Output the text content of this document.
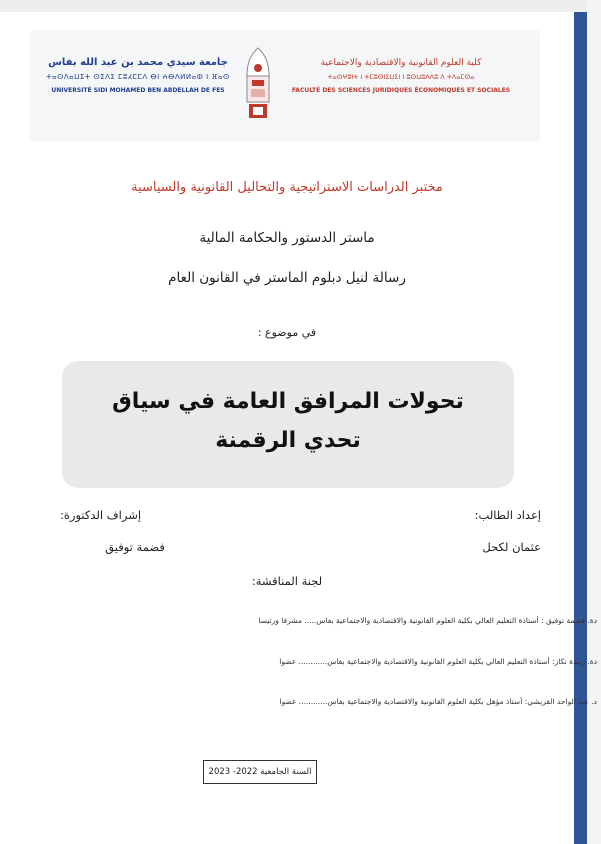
جامعة سيدي محمد بن عبد الله بفاس
ⵜⴰⵙⴷⴰⵡⵉⵜ ⵙⵉⴷⵉ ⵎⵓⵃⵎⵎⴷ ⴱⵏ ⵄⴱⴷⵍⵍⴰⵀ ⵏ ⴼⴰⵙ
UNIVERSITÉ SIDI MOHAMED BEN ABDELLAH DE FES
كلية العلوم القانونية والاقتصادية والاجتماعية
ⵜⴰⵙⵖⵓⵏⵜ ⵏ ⵜⵎⵓⵙⵏⵉⵡⵉⵏ ⵏ ⵓⵙⵡⵓⴷⴷⵓ ⴷ ⵜⴷⴰⵎⵙⴰ
FACULTÉ DES SCIENCES JURIDIQUES ÉCONOMIQUES ET SOCIALES
مختبر الدراسات الاستراتيجية والتحاليل القانونية والسياسية
ماستر الدستور والحكامة المالية
رسالة لنيل دبلوم الماستر في القانون العام
في موضوع :
تحولات المرافق العامة في سياق
تحدي الرقمنة
إعداد الطالب:
عثمان لكحل
إشراف الدكتورة:
فضمة توفيق
لجنة المناقشة:
دة. فضمة توفيق : أستاذة التعليم العالي بكلية العلوم القانونية والاقتصادية والاجتماعية بفاس..... مشرفا ورئيسا
دة. زبيدة نكاز: أستاذة التعليم العالي بكلية العلوم القانونية والاقتصادية والاجتماعية بفاس............ عضوا
د. عبد الواحد القريشي: أستاذ مؤهل بكلية العلوم القانونية والاقتصادية والاجتماعية بفاس............ عضوا
السنة الجامعية 2022- 2023
